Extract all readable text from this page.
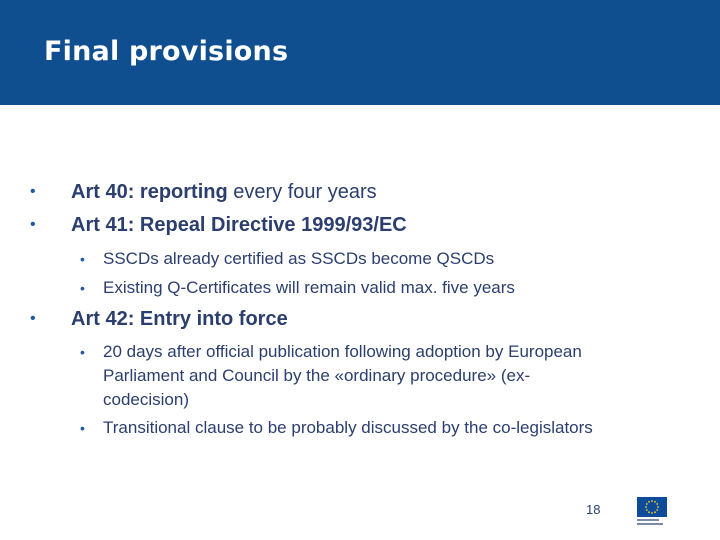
Final provisions
• Art 40: reporting every four years
• Art 41: Repeal Directive 1999/93/EC
• SSCDs already certified as SSCDs become QSCDs
• Existing Q-Certificates will remain valid max. five years
• Art 42: Entry into force
• 20 days after official publication following adoption by European
Parliament and Council by the «ordinary procedure» (ex-
codecision)
• Transitional clause to be probably discussed by the co-legislators
18
